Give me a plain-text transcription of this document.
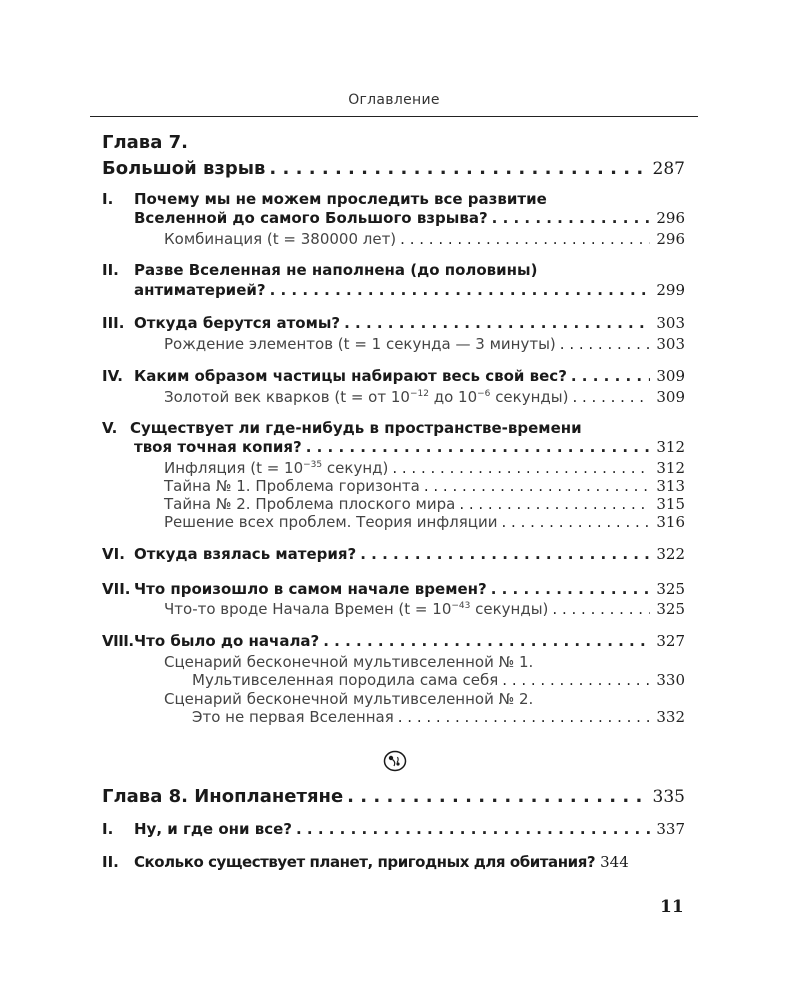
Оглавление
Глава 7.
Большой взрыв . . .	287
I.	Почему мы не можем проследить все развитие
Вселенной до самого Большого взрыва? . . .	296
Комбинация (t = 380000 лет) . . .	296
II.	Разве Вселенная не наполнена (до половины)
антиматерией? . . .	299
III. Откуда берутся атомы? . . .	303
Рождение элементов (t = 1 секунда — 3 минуты) . . .	303
IV. Каким образом частицы набирают весь свой вес? . . .	309
Золотой век кварков (t = от $10^{-12}$ до $10^{-6}$ секунды) . . .	309
V. Существует ли где-нибудь в пространстве-времени
твоя точная копия? . . .	312
Инфляция ($t = 10^{-35}$ секунд) . . .	312
Тайна № 1. Проблема горизонта . . .	313
Тайна № 2. Проблема плоского мира . . .	315
Решение всех проблем. Теория инфляции . . .	316
VI. Откуда взялась материя? . . .	322
VII. Что произошло в самом начале времен? . . .	325
Что-то вроде Начала Времен ($t = 10^{-43}$ секунды) . . .	325
VIII. Что было до начала? . . .	327
Сценарий бесконечной мультивселенной № 1.
Мультивселенная породила сама себя . . .	330
Сценарий бесконечной мультивселенной № 2.
Это не первая Вселенная . . .	332
Глава 8. Инопланетяне . . .	335
I.	Ну, и где они все? . . .	337
II.	Сколько существует планет, пригодных для обитания? 344
11
